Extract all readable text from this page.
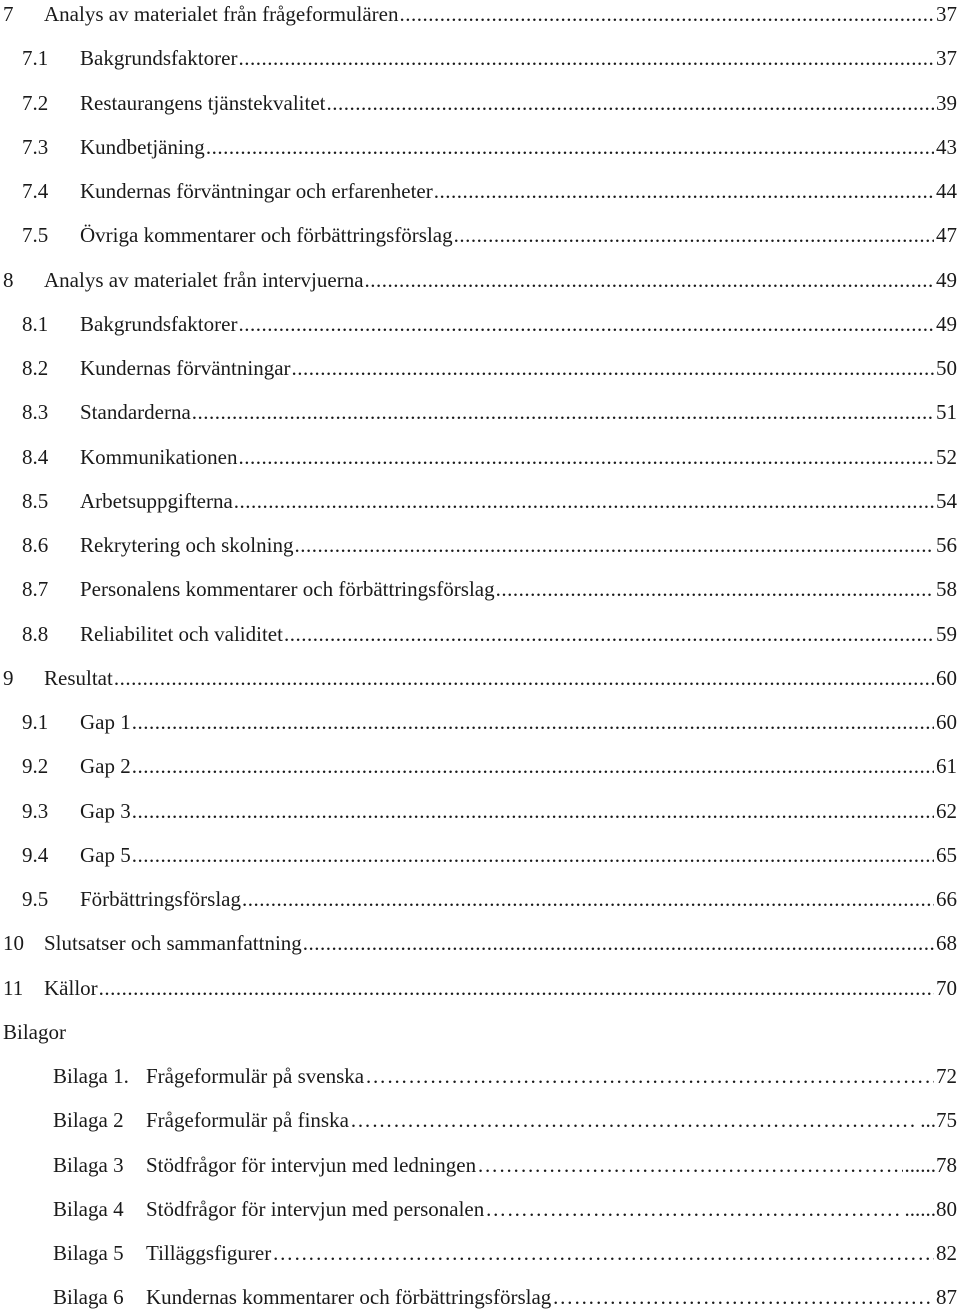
7 Analys av materialet från frågeformulären .....	37
7.1 Bakgrundsfaktorer .....	37
7.2 Restaurangens tjänstekvalitet .....	39
7.3 Kundbetjäning .....	43
7.4 Kundernas förväntningar och erfarenheter .....	44
7.5 Övriga kommentarer och förbättringsförslag .....	47
8 Analys av materialet från intervjuerna .....	49
8.1 Bakgrundsfaktorer .....	49
8.2 Kundernas förväntningar .....	50
8.3 Standarderna .....	51
8.4 Kommunikationen .....	52
8.5 Arbetsuppgifterna .....	54
8.6 Rekrytering och skolning .....	56
8.7 Personalens kommentarer och förbättringsförslag .....	58
8.8 Reliabilitet och validitet .....	59
9 Resultat .....	60
9.1 Gap 1 .....	60
9.2 Gap 2 .....	61
9.3 Gap 3 .....	62
9.4 Gap 5 .....	65
9.5 Förbättringsförslag .....	66
10 Slutsatser och sammanfattning .....	68
11 Källor .....	70
Bilagor
Bilaga 1. Frågeformulär på svenska ………………………………………………………………………………………………………………………………………………………………	72
Bilaga 2 Frågeformulär på finska ………………………………………………………………………………………………………………………………………………………………	...75
Bilaga 3 Stödfrågor för intervjun med ledningen ………………………………………………………………………………………………………………………………………………………………	......78
Bilaga 4 Stödfrågor för intervjun med personalen ………………………………………………………………………………………………………………………………………………………………	......80
Bilaga 5 Tilläggsfigurer ………………………………………………………………………………………………………………………………………………………………	82
Bilaga 6 Kundernas kommentarer och förbättringsförslag ………………………………………………………………………………………………………………………………………………………………	87
